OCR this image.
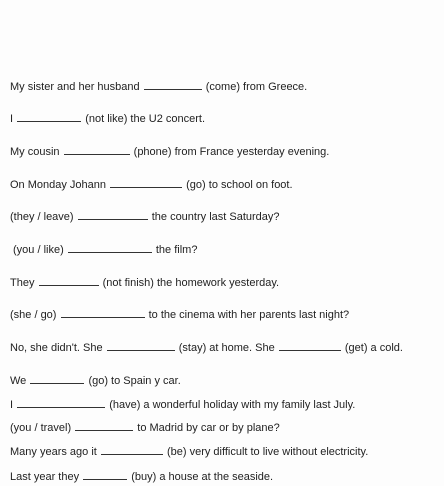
My sister and her husband	(come) from Greece.
I	(not like) the U2 concert.
My cousin	(phone) from France yesterday evening.
On Monday Johann	(go) to school on foot.
(they / leave)	the country last Saturday?
(you / like)	the film?
They	(not finish) the homework yesterday.
(she / go)	to the cinema with her parents last night?
No, she didn't. She	(stay) at home. She	(get) a cold.
We	(go) to Spain y car.
I	(have) a wonderful holiday with my family last July.
(you / travel)	to Madrid by car or by plane?
Many years ago it	(be) very difficult to live without electricity.
Last year they	(buy) a house at the seaside.
